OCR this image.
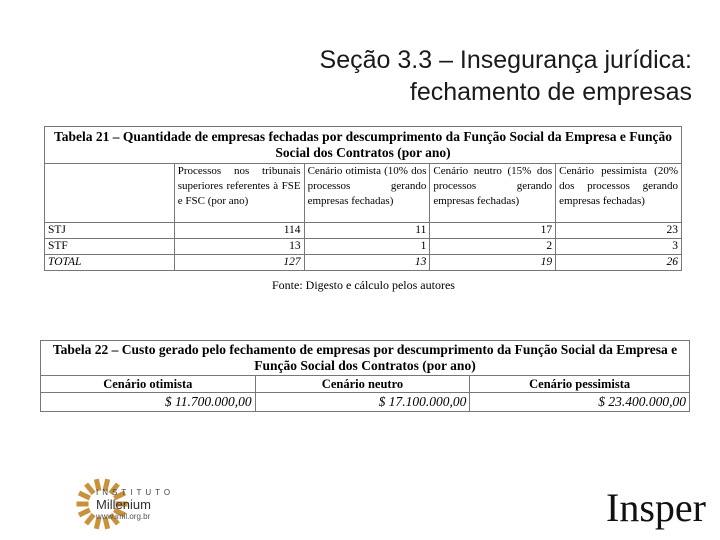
Seção 3.3 – Insegurança jurídica:
fechamento de empresas
Tabela 21 – Quantidade de empresas fechadas por descumprimento da Função Social da Empresa e Função Social dos Contratos (por ano)				
	Processos nos tribunais superiores referentes à FSE e FSC (por ano)	Cenário otimista (10% dos processos gerando empresas fechadas)	Cenário neutro (15% dos processos gerando empresas fechadas)	Cenário pessimista (20% dos processos gerando empresas fechadas)
STJ	114	11	17	23
STF	13	1	2	3
TOTAL	127	13	19	26
Fonte: Digesto e cálculo pelos autores
Tabela 22 – Custo gerado pelo fechamento de empresas por descumprimento da Função Social da Empresa e Função Social dos Contratos (por ano)		
Cenário otimista	Cenário neutro	Cenário pessimista
$ 11.700.000,00	$ 17.100.000,00	$ 23.400.000,00
INSTITUTO
Millenium
www.imil.org.br	Insper
